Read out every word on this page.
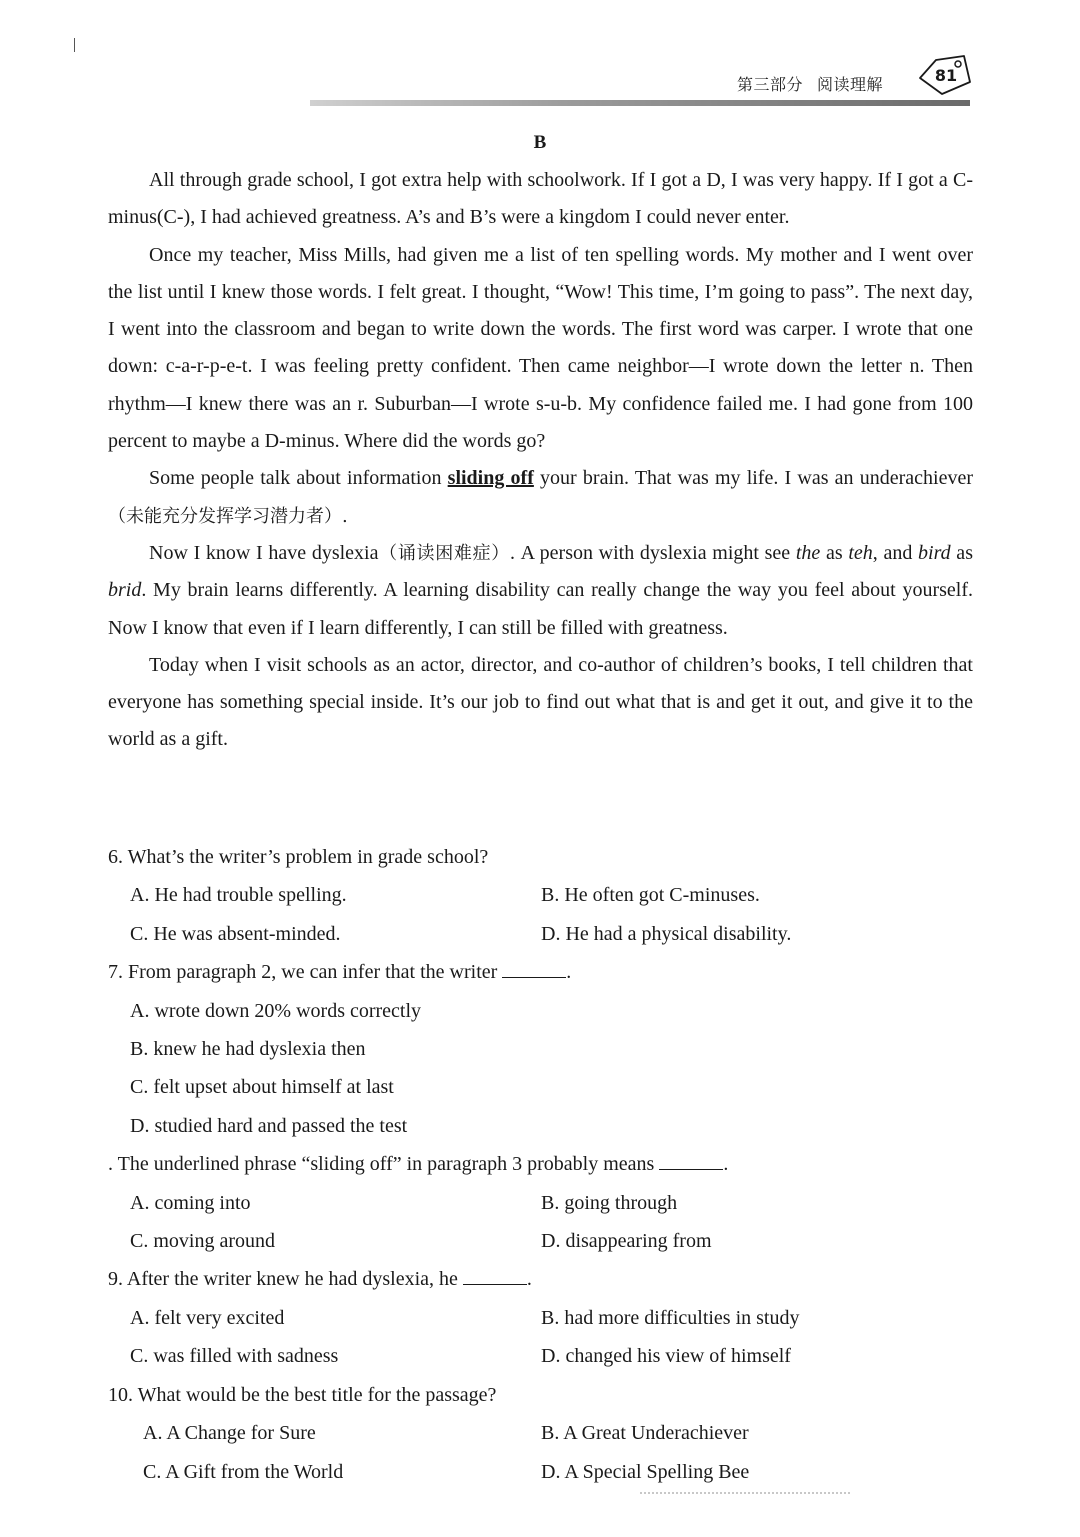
第三部分 阅读理解	81
B

All through grade school, I got extra help with schoolwork. If I got a D, I was very happy. If I got a C-minus(C-), I had achieved greatness. A’s and B’s were a kingdom I could never enter.

Once my teacher, Miss Mills, had given me a list of ten spelling words. My mother and I went over the list until I knew those words. I felt great. I thought, “Wow! This time, I’m going to pass”. The next day, I went into the classroom and began to write down the words. The first word was carper. I wrote that one down: c-a-r-p-e-t. I was feeling pretty confident. Then came neighbor—I wrote down the letter n. Then rhythm—I knew there was an r. Suburban—I wrote s-u-b. My confidence failed me. I had gone from 100 percent to maybe a D-minus. Where did the words go?

Some people talk about information sliding off your brain. That was my life. I was an underachiever（未能充分发挥学习潜力者）.

Now I know I have dyslexia（诵读困难症）. A person with dyslexia might see the as teh, and bird as brid. My brain learns differently. A learning disability can really change the way you feel about yourself. Now I know that even if I learn differently, I can still be filled with greatness.

Today when I visit schools as an actor, director, and co-author of children’s books, I tell children that everyone has something special inside. It’s our job to find out what that is and get it out, and give it to the world as a gift.

6. What’s the writer’s problem in grade school?

A. He had trouble spelling.	B. He often got C-minuses.
C. He was absent-minded.	D. He had a physical disability.

7. From paragraph 2, we can infer that the writer	.

A. wrote down 20% words correctly
B. knew he had dyslexia then
C. felt upset about himself at last
D. studied hard and passed the test

. The underlined phrase “sliding off” in paragraph 3 probably means	.

A. coming into	B. going through
C. moving around	D. disappearing from

9. After the writer knew he had dyslexia, he	.

A. felt very excited	B. had more difficulties in study
C. was filled with sadness	D. changed his view of himself

10. What would be the best title for the passage?

A. A Change for Sure	B. A Great Underachiever
C. A Gift from the World	D. A Special Spelling Bee
